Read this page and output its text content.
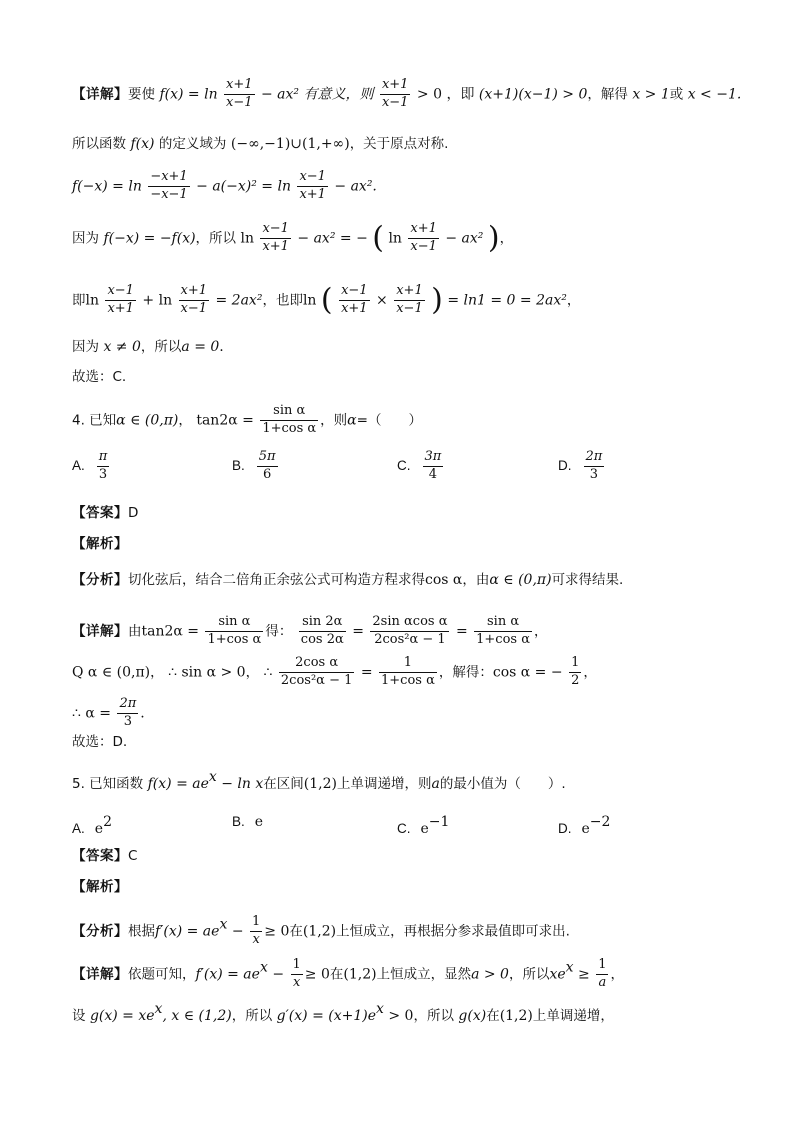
【详解】要使 $f(x) = \ln \frac{x+1}{x-1} - ax^2$ 有意义，则 $\frac{x+1}{x-1} > 0$ ，即 (x+1)(x−1) > 0，解得 x > 1或 x < −1.
所以函数 f(x) 的定义域为 (−∞,−1)∪(1,+∞)，关于原点对称.
$f(-x) = \ln \frac{-x+1}{-x-1} - a(-x)^2 = \ln \frac{x-1}{x+1} - ax^2$.
因为 f(−x) = −f(x)，所以 $\ln \frac{x-1}{x+1} - ax^2$ = − ( $\ln \frac{x+1}{x-1} - ax^2$ )，
即$\ln \frac{x-1}{x+1} + \ln \frac{x+1}{x-1} = 2ax^2$，也即ln ( $\frac{x-1}{x+1} \times \frac{x+1}{x-1}$ ) = ln1 = 0 = 2ax²，
因为 x ≠ 0，所以a = 0.
故选：C.
4. 已知α ∈ (0,π)， $\tan 2\alpha = \frac{\text{sin α}}{\text{1+cos α}}$ ，则α=（　　）
A. $\frac{\pi}{3}$	B. $\frac{5\pi}{6}$	C. $\frac{3\pi}{4}$	D. $\frac{2\pi}{3}$
【答案】D
【解析】
【分析】切化弦后，结合二倍角正余弦公式可构造方程求得cos α，由α ∈ (0,π)可求得结果.
【详解】由$\tan 2\alpha = \frac{\text{sin α}}{\text{1+cos α}}$ 得： $\frac{\sin 2\alpha}{\cos 2\alpha} = \frac{\text{2sin αcos α}}{\text{2cos²α − 1}} = \frac{\text{sin α}}{\text{1+cos α}}$ ，
Q α ∈ (0,π)， ∴ sin α > 0， ∴ $\frac{\text{2cos α}}{\text{2cos²α − 1}} = \frac{1}{\text{1+cos α}}$ ，解得：cos α = − $\frac{1}{2}$ ，
∴ $\alpha = \frac{2\pi}{3}$ .
故选：D.
5. 已知函数 $f(x) = ae^x - \ln x$在区间(1,2)上单调递增，则a的最小值为（　　）.
A. $e^2$	B. e	C. $e^{-1}$	D. $e^{-2}$
【答案】C
【解析】
【分析】根据$f'(x) = ae^x - \frac{1}{x} \ge 0$在(1,2)上恒成立，再根据分参求最值即可求出.
【详解】依题可知，$f'(x) = ae^x - \frac{1}{x} \ge 0$在(1,2)上恒成立，显然a > 0，所以$xe^x \ge \frac{1}{a}$ ，
设 $g(x) = xe^x$, x ∈ (1,2)，所以 $g'(x) = (x+1)e^x > 0$，所以 g(x)在(1,2)上单调递增，
